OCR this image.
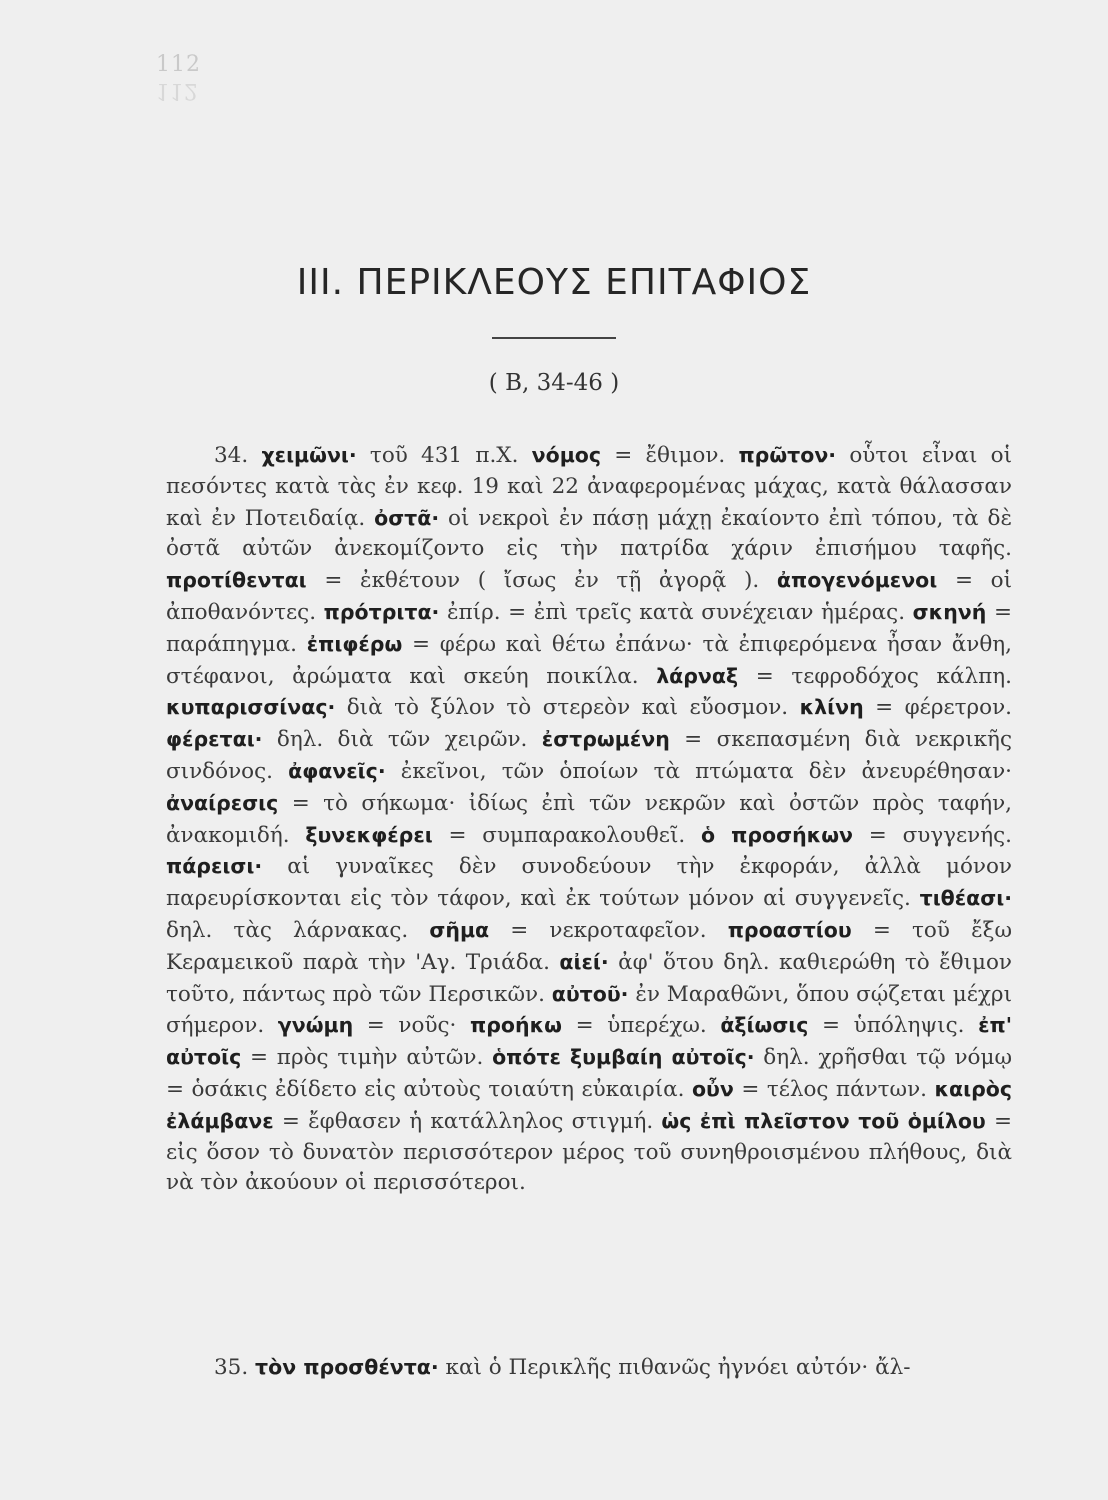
112
112
III. ΠΕΡΙΚΛΕΟΥΣ ΕΠΙΤΑΦΙΟΣ
( Β, 34-46 )

34. χειμῶνι· τοῦ 431 π.Χ. νόμος = ἔθιμον. πρῶτον· οὗτοι εἶναι οἱ πεσόντες κατὰ τὰς ἐν κεφ. 19 καὶ 22 ἀναφερομένας μάχας, κατὰ θάλασσαν καὶ ἐν Ποτειδαίᾳ. ὀστᾶ· οἱ νεκροὶ ἐν πάσῃ μάχῃ ἐκαίοντο ἐπὶ τόπου, τὰ δὲ ὀστᾶ αὐτῶν ἀνεκομίζοντο εἰς τὴν πατρίδα χάριν ἐπισήμου ταφῆς. προτίθενται = ἐκθέτουν ( ἴσως ἐν τῇ ἀγορᾷ ). ἀπογενόμενοι = οἱ ἀποθανόντες. πρότριτα· ἐπίρ. = ἐπὶ τρεῖς κατὰ συνέχειαν ἡμέρας. σκηνή = παράπηγμα. ἐπιφέρω = φέρω καὶ θέτω ἐπάνω· τὰ ἐπιφερόμενα ἦσαν ἄνθη, στέφανοι, ἀρώματα καὶ σκεύη ποικίλα. λάρναξ = τεφροδόχος κάλπη. κυπαρισσίνας· διὰ τὸ ξύλον τὸ στερεὸν καὶ εὔοσμον. κλίνη = φέρετρον. φέρεται· δηλ. διὰ τῶν χειρῶν. ἐστρωμένη = σκεπασμένη διὰ νεκρικῆς σινδόνος. ἀφανεῖς· ἐκεῖνοι, τῶν ὁποίων τὰ πτώματα δὲν ἀνευρέθησαν· ἀναίρεσις = τὸ σήκωμα· ἰδίως ἐπὶ τῶν νεκρῶν καὶ ὀστῶν πρὸς ταφήν, ἀνακομιδή. ξυνεκφέρει = συμπαρακολουθεῖ. ὁ προσήκων = συγγενής. πάρεισι· αἱ γυναῖκες δὲν συνοδεύουν τὴν ἐκφοράν, ἀλλὰ μόνον παρευρίσκονται εἰς τὸν τάφον, καὶ ἐκ τούτων μόνον αἱ συγγενεῖς. τιθέασι· δηλ. τὰς λάρνακας. σῆμα = νεκροταφεῖον. προαστίου = τοῦ ἔξω Κεραμεικοῦ παρὰ τὴν 'Αγ. Τριάδα. αἰεί· ἀφ' ὅτου δηλ. καθιερώθη τὸ ἔθιμον τοῦτο, πάντως πρὸ τῶν Περσικῶν. αὐτοῦ· ἐν Μαραθῶνι, ὅπου σῴζεται μέχρι σήμερον. γνώμη = νοῦς· προήκω = ὑπερέχω. ἀξίωσις = ὑπόληψις. ἐπ' αὐτοῖς = πρὸς τιμὴν αὐτῶν. ὁπότε ξυμβαίη αὐτοῖς· δηλ. χρῆσθαι τῷ νόμῳ = ὁσάκις ἐδίδετο εἰς αὐτοὺς τοιαύτη εὐκαιρία. οὖν = τέλος πάντων. καιρὸς ἐλάμβανε = ἔφθασεν ἡ κατάλληλος στιγμή. ὡς ἐπὶ πλεῖστον τοῦ ὁμίλου = εἰς ὅσον τὸ δυνατὸν περισσότερον μέρος τοῦ συνηθροισμένου πλήθους, διὰ νὰ τὸν ἀκούουν οἱ περισσότεροι.

35. τὸν προσθέντα· καὶ ὁ Περικλῆς πιθανῶς ἠγνόει αὐτόν· ἄλ-
